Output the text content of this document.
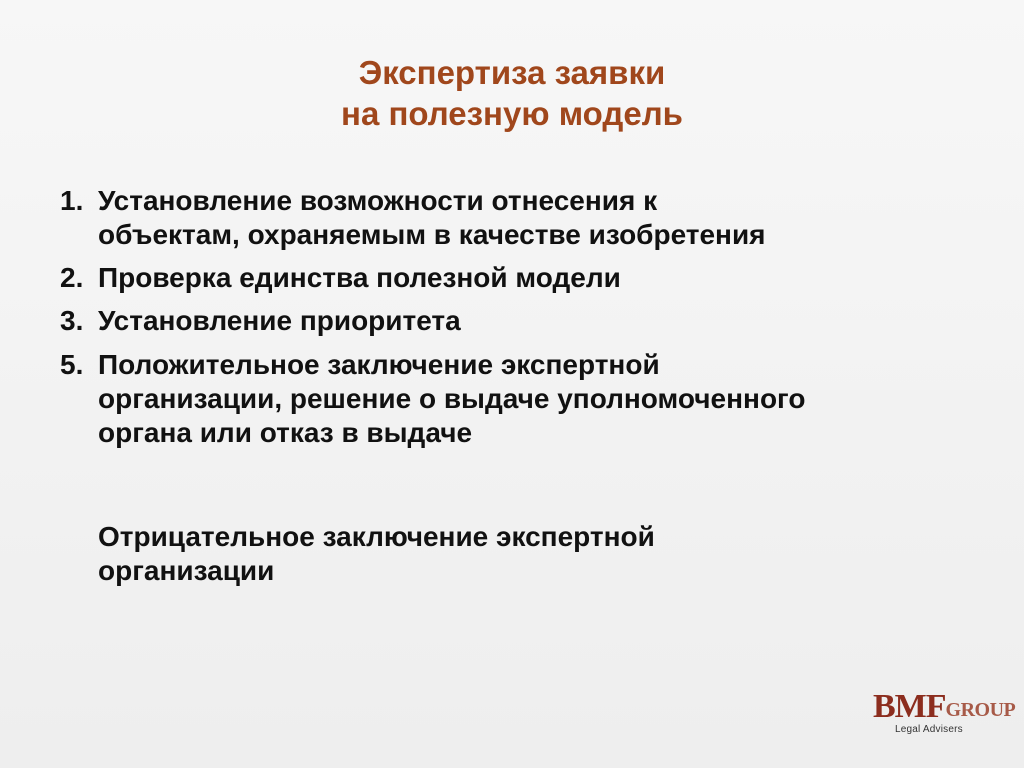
Экспертиза заявки
на полезную модель
1. Установление возможности отнесения к
объектам, охраняемым в качестве изобретения
2. Проверка единства полезной модели
3. Установление приоритета
5. Положительное заключение экспертной
организации, решение о выдаче уполномоченного
органа или отказ в выдаче
Отрицательное заключение экспертной
организации
BMFGROUP
Legal Advisers
